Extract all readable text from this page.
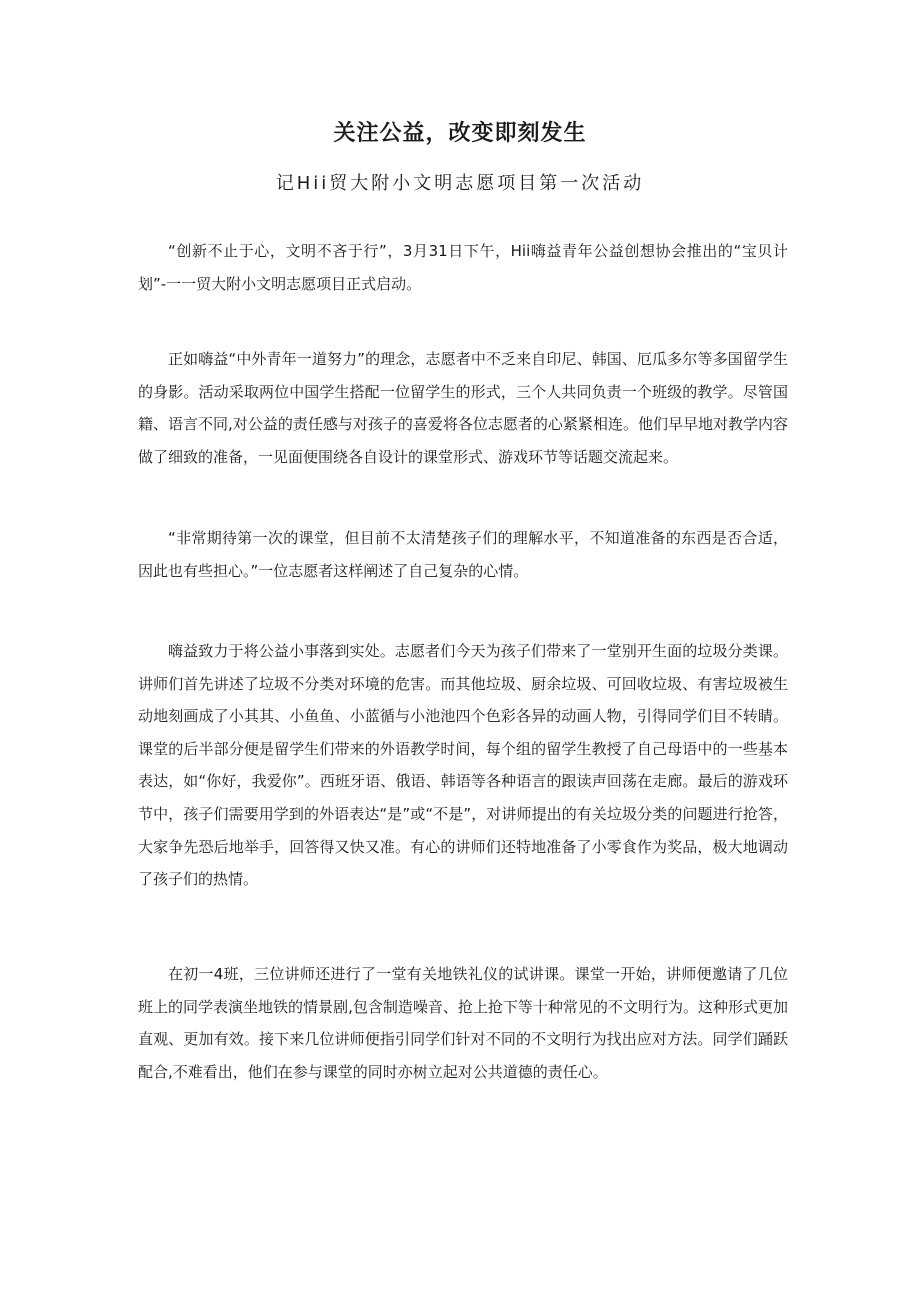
关注公益，改变即刻发生
记Hii贸大附小文明志愿项目第一次活动

“创新不止于心，文明不吝于行”，3月31日下午，Hii嗨益青年公益创想协会推出的“宝贝计划”-一一贸大附小文明志愿项目正式启动。

正如嗨益“中外青年一道努力”的理念，志愿者中不乏来自印尼、韩国、厄瓜多尔等多国留学生的身影。活动采取两位中国学生搭配一位留学生的形式，三个人共同负责一个班级的教学。尽管国籍、语言不同,对公益的责任感与对孩子的喜爱将各位志愿者的心紧紧相连。他们早早地对教学内容做了细致的准备，一见面便围绕各自设计的课堂形式、游戏环节等话题交流起来。

“非常期待第一次的课堂，但目前不太清楚孩子们的理解水平，不知道准备的东西是否合适，因此也有些担心。”一位志愿者这样阐述了自己复杂的心情。

嗨益致力于将公益小事落到实处。志愿者们今天为孩子们带来了一堂别开生面的垃圾分类课。讲师们首先讲述了垃圾不分类对环境的危害。而其他垃圾、厨余垃圾、可回收垃圾、有害垃圾被生动地刻画成了小其其、小鱼鱼、小蓝循与小池池四个色彩各异的动画人物，引得同学们目不转睛。课堂的后半部分便是留学生们带来的外语教学时间，每个组的留学生教授了自己母语中的一些基本表达，如“你好，我爱你”。西班牙语、俄语、韩语等各种语言的跟读声回荡在走廊。最后的游戏环节中，孩子们需要用学到的外语表达“是”或“不是”，对讲师提出的有关垃圾分类的问题进行抢答，大家争先恐后地举手，回答得又快又准。有心的讲师们还特地准备了小零食作为奖品，极大地调动了孩子们的热情。

在初一4班，三位讲师还进行了一堂有关地铁礼仪的试讲课。课堂一开始，讲师便邀请了几位班上的同学表演坐地铁的情景剧,包含制造噪音、抢上抢下等十种常见的不文明行为。这种形式更加直观、更加有效。接下来几位讲师便指引同学们针对不同的不文明行为找出应对方法。同学们踊跃配合,不难看出，他们在参与课堂的同时亦树立起对公共道德的责任心。
